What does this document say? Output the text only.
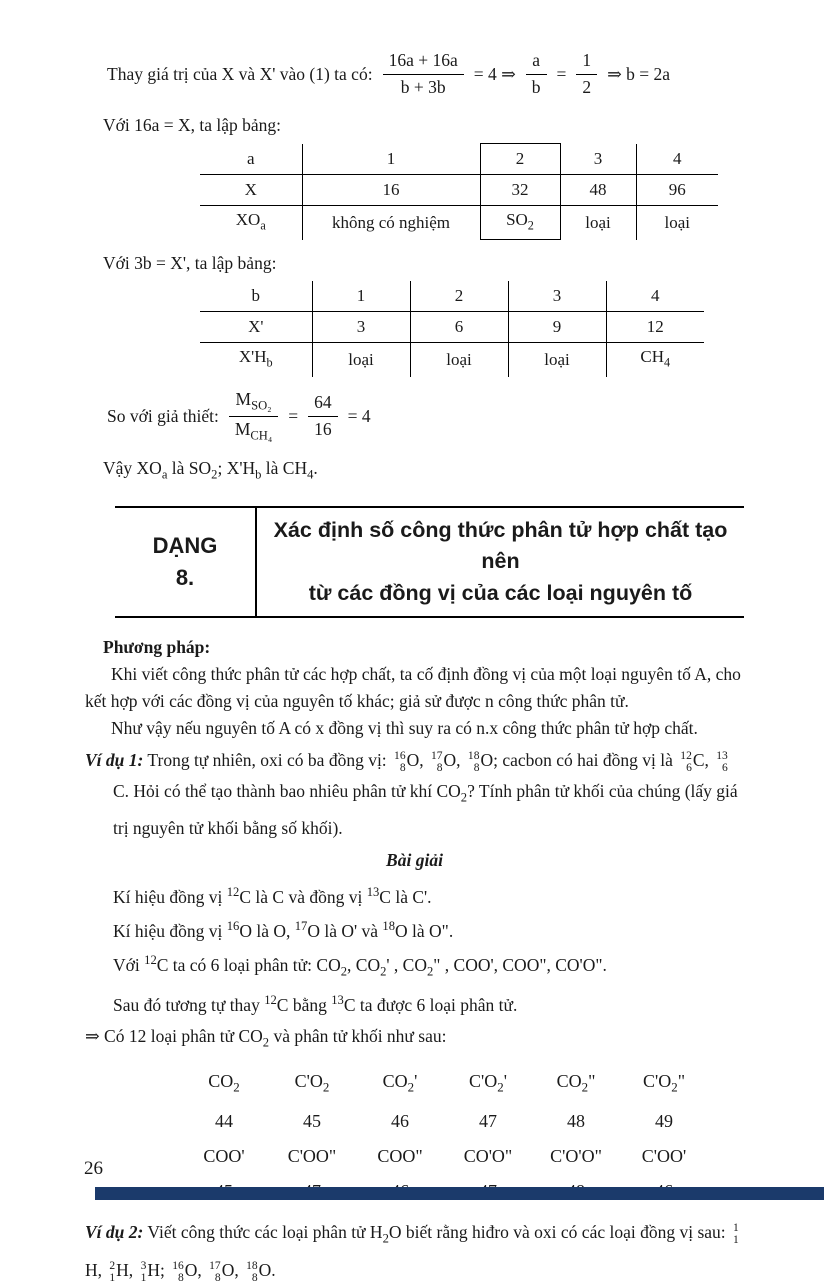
Thay giá trị của X và X' vào (1) ta có: $\frac{16a + 16a}{b + 3b} = 4$ ⇒ $\frac{a}{b} = \frac{1}{2}$ ⇒ b = 2a

Với 16a = X, ta lập bảng:

a	1	2	3	4
X	16	32	48	96
$XO_a$	không có nghiệm	$SO_2$	loại	loại

Với 3b = X', ta lập bảng:

b	1	2	3	4
X'	3	6	9	12
$X'H_b$	loại	loại	loại	$CH_4$
So với giả thiết: $\frac{M_{SO_2}}{M_{CH_4}} = \frac{64}{16} = 4$

Vậy $XO_a$ là $SO_2$; $X'H_b$ là $CH_4$.

DẠNG
8.
Xác định số công thức phân tử hợp chất tạo nên
từ các đồng vị của các loại nguyên tố

Phương pháp:

Khi viết công thức phân tử các hợp chất, ta cố định đồng vị của một loại nguyên tố A, cho kết hợp với các đồng vị của nguyên tố khác; giả sử được n công thức phân tử.

Như vậy nếu nguyên tố A có x đồng vị thì suy ra có n.x công thức phân tử hợp chất.

Ví dụ 1: Trong tự nhiên, oxi có ba đồng vị: 16
8 O, 17
8 O, 18
8 O; cacbon có hai đồng vị là 12
6 C, 13
6
C. Hỏi có thể tạo thành bao nhiêu phân tử khí $CO_2$? Tính phân tử khối của chúng (lấy giá trị nguyên tử khối bằng số khối).

Bài giải

Kí hiệu đồng vị $^{12}$C là C và đồng vị $^{13}$C là C'.
Kí hiệu đồng vị $^{16}$O là O, $^{17}$O là O' và $^{18}$O là O".
Với $^{12}$C ta có 6 loại phân tử: $CO_2$, $CO_2'$ , $CO_2$" , COO', COO", CO'O".
Sau đó tương tự thay $^{12}$C bằng $^{13}$C ta được 6 loại phân tử.
⇒ Có 12 loại phân tử $CO_2$ và phân tử khối như sau:
$CO_2$	$C'O_2$	$CO_2'$	$C'O_2'$	$CO_2$"	$C'O_2$"
44	45	46	47	48	49
COO'	C'OO"	COO"	CO'O"	C'O'O"	C'OO'

Ví dụ 2: Viết công thức các loại phân tử $H_2O$ biết rằng hiđro và oxi có các loại đồng vị sau: 1
1
H, 2
1 H, 3
1 H; 16
8 O, 17
8 O, 18
8 O.

26
